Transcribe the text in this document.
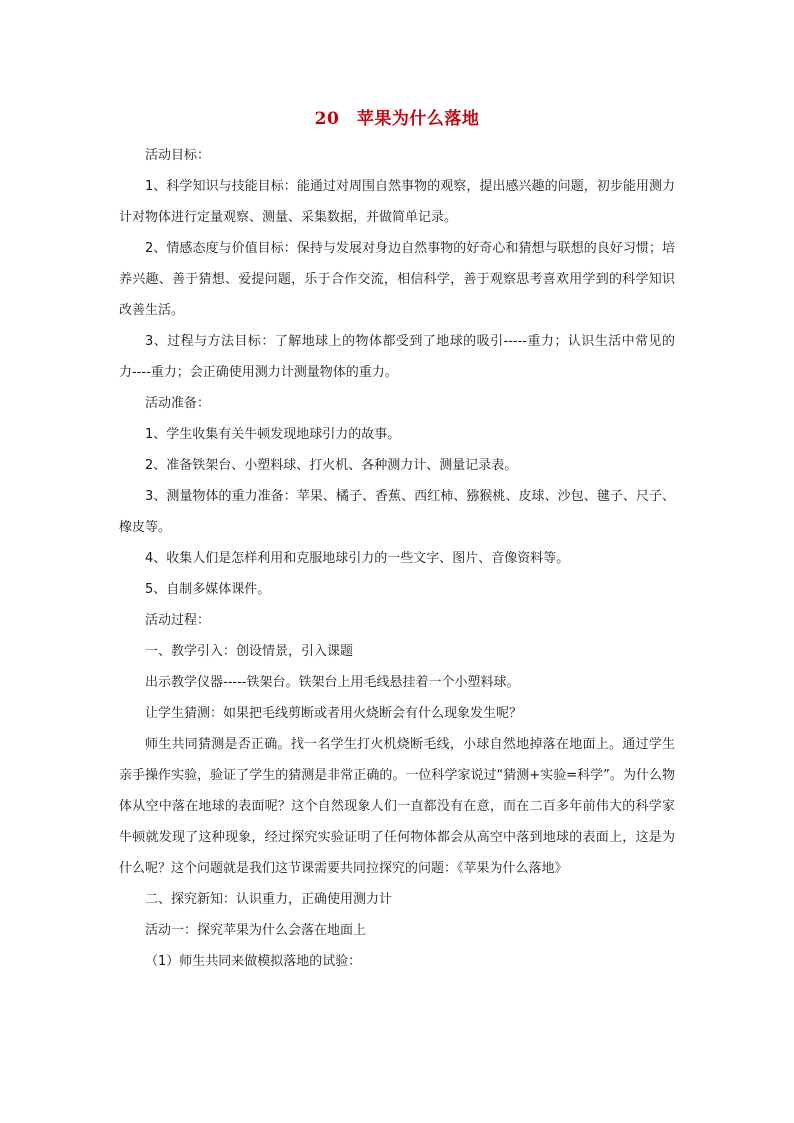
20　苹果为什么落地

活动目标：

1、科学知识与技能目标：能通过对周围自然事物的观察，提出感兴趣的问题，初步能用测力计对物体进行定量观察、测量、采集数据，并做简单记录。

2、情感态度与价值目标：保持与发展对身边自然事物的好奇心和猜想与联想的良好习惯；培养兴趣、善于猜想、爱提问题，乐于合作交流，相信科学，善于观察思考喜欢用学到的科学知识改善生活。

3、过程与方法目标：了解地球上的物体都受到了地球的吸引-----重力；认识生活中常见的力----重力；会正确使用测力计测量物体的重力。

活动准备：

1、学生收集有关牛顿发现地球引力的故事。

2、准备铁架台、小塑料球、打火机、各种测力计、测量记录表。

3、测量物体的重力准备：苹果、橘子、香蕉、西红柿、猕猴桃、皮球、沙包、毽子、尺子、橡皮等。

4、收集人们是怎样利用和克服地球引力的一些文字、图片、音像资料等。

5、自制多媒体课件。

活动过程：

一、教学引入：创设情景，引入课题

出示教学仪器-----铁架台。铁架台上用毛线悬挂着一个小塑料球。

让学生猜测：如果把毛线剪断或者用火烧断会有什么现象发生呢？

师生共同猜测是否正确。找一名学生打火机烧断毛线，小球自然地掉落在地面上。通过学生亲手操作实验，验证了学生的猜测是非常正确的。一位科学家说过“猜测+实验=科学”。为什么物体从空中落在地球的表面呢？这个自然现象人们一直都没有在意，而在二百多年前伟大的科学家牛顿就发现了这种现象，经过探究实验证明了任何物体都会从高空中落到地球的表面上，这是为什么呢？这个问题就是我们这节课需要共同拉探究的问题：《苹果为什么落地》

二、探究新知：认识重力，正确使用测力计

活动一：探究苹果为什么会落在地面上

（1）师生共同来做模拟落地的试验：
